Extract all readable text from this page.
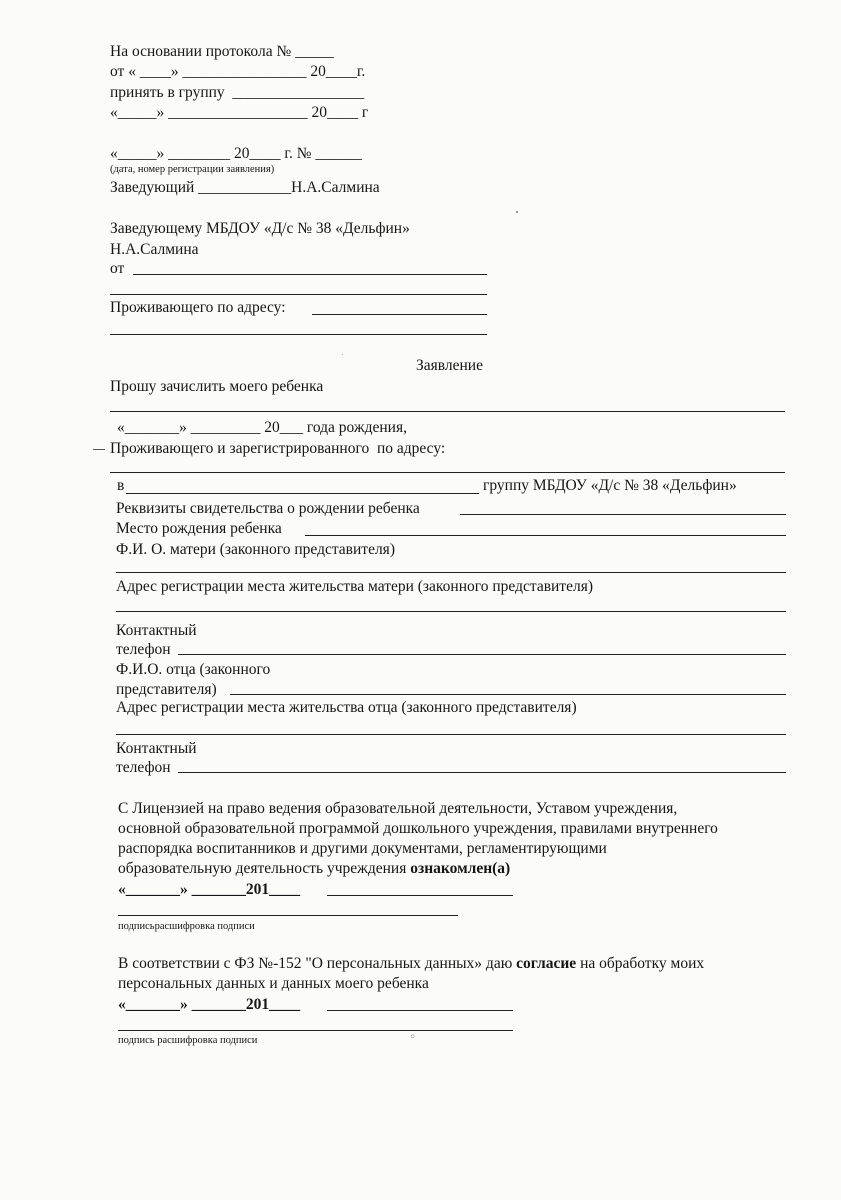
На основании протокола № _____
от « ____» ________________ 20____г.
принять в группу  _________________
«_____» __________________ 20____ г
«_____» ________ 20____ г. № ______
(дата, номер регистрации заявления)
Заведующий ____________Н.А.Салмина
Заведующему МБДОУ «Д/с № 38 «Дельфин»
Н.А.Салмина
от
Проживающего по адресу:
Заявление
Прошу зачислить моего ребенка
«_______» _________ 20___ года рождения,
Проживающего и зарегистрированного  по адресу:
в	группу МБДОУ «Д/с № 38 «Дельфин»
Реквизиты свидетельства о рождении ребенка
Место рождения ребенка
Ф.И. О. матери (законного представителя)
Адрес регистрации места жительства матери (законного представителя)
Контактный
телефон
Ф.И.О. отца (законного
представителя)
Адрес регистрации места жительства отца (законного представителя)
Контактный
телефон
С Лицензией на право ведения образовательной деятельности, Уставом учреждения,
основной образовательной программой дошкольного учреждения, правилами внутреннего
распорядка воспитанников и другими документами, регламентирующими
образовательную деятельность учреждения ознакомлен(а)
«_______» _______201____
подписьрасшифровка подписи
В соответствии с ФЗ №-152 "О персональных данных» даю согласие на обработку моих
персональных данных и данных моего ребенка
«_______» _______201____
подпись расшифровка подписи	◦
